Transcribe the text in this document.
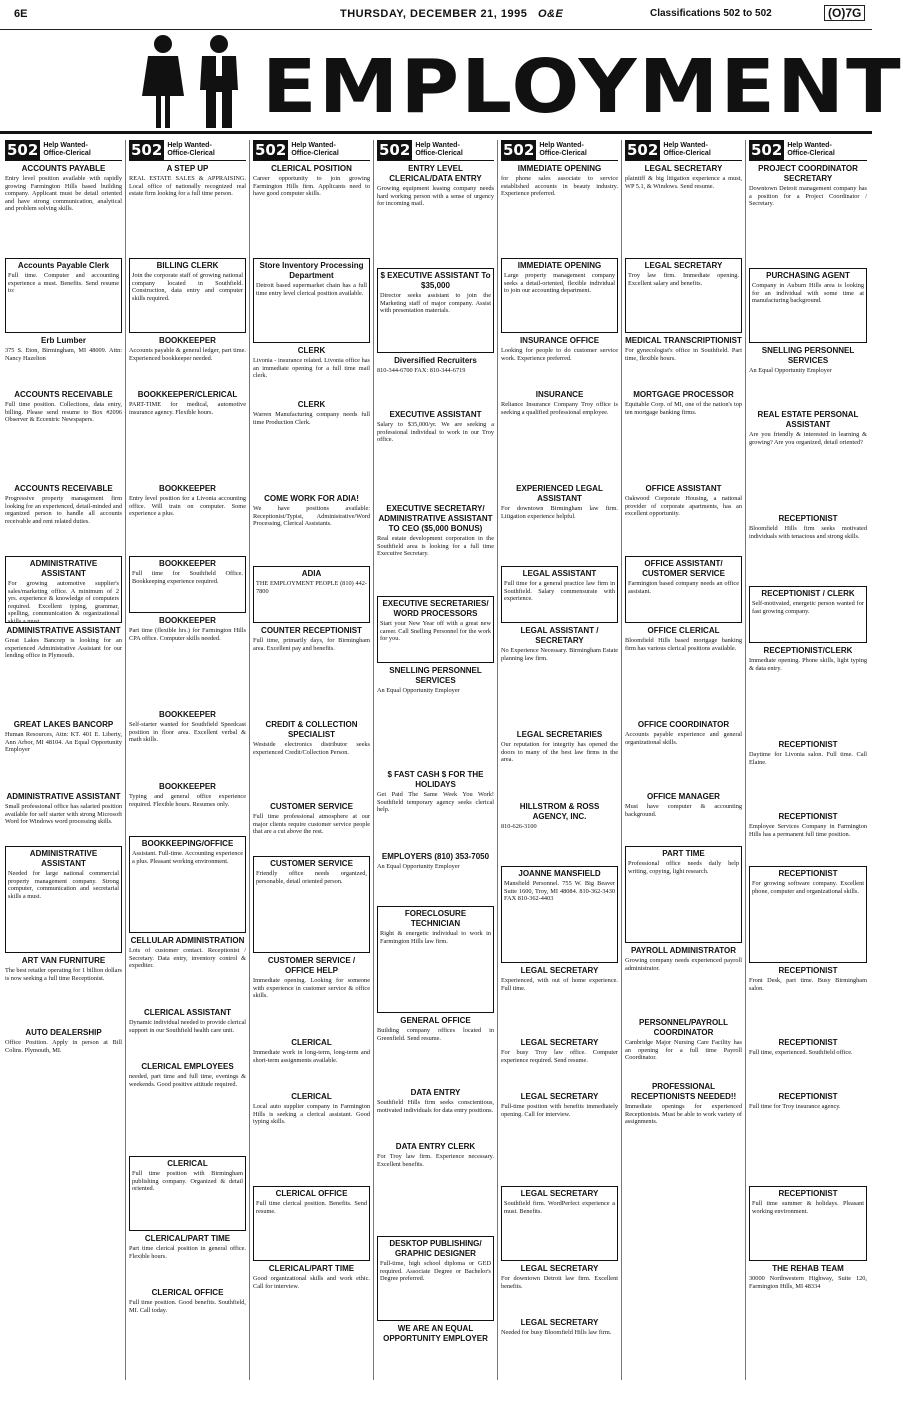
6E	THURSDAY, DECEMBER 21, 1995 O&E	Classifications 502 to 502	(O)7G
EMPLOYMENT
502 Help Wanted-
Office-Clerical
ACCOUNTS PAYABLE
Entry level position available with rapidly growing Farmington Hills based building company. Applicant must be detail oriented and have strong communication, analytical and problem solving skills.
Accounts Payable Clerk
Full time. Computer and accounting experience a must. Benefits. Send resume to:
Erb Lumber
375 S. Eton, Birmingham, MI 48009. Attn: Nancy Hazelton
ACCOUNTS RECEIVABLE
Full time position. Collections, data entry, billing. Please send resume to Box #2096 Observer & Eccentric Newspapers.
ACCOUNTS RECEIVABLE
Progressive property management firm looking for an experienced, detail-minded and organized person to handle all accounts receivable and rent related duties.
ADMINISTRATIVE ASSISTANT
For growing automotive supplier's sales/marketing office. A minimum of 2 yrs. experience & knowledge of computers required. Excellent typing, grammar, spelling, communication & organizational skills a must.
ADMINISTRATIVE ASSISTANT
Great Lakes Bancorp is looking for an experienced Administrative Assistant for our lending office in Plymouth.
GREAT LAKES BANCORP
Human Resources, Attn: KT. 401 E. Liberty, Ann Arbor, MI 48104. An Equal Opportunity Employer
ADMINISTRATIVE ASSISTANT
Small professional office has salaried position available for self starter with strong Microsoft Word for Windows word processing skills.
ADMINISTRATIVE ASSISTANT
Needed for large national commercial property management company. Strong computer, communication and secretarial skills a must.
ART VAN FURNITURE
The best retailer operating for 1 billion dollars is now seeking a full time Receptionist.
AUTO DEALERSHIP
Office Position. Apply in person at Bill Colins. Plymouth, MI.
502 Help Wanted-
Office-Clerical
A STEP UP
REAL ESTATE SALES & APPRAISING. Local office of nationally recognized real estate firm looking for a full time person.
BILLING CLERK
Join the corporate staff of growing national company located in Southfield. Construction, data entry and computer skills required.
BOOKKEEPER
Accounts payable & general ledger, part time. Experienced bookkeeper needed.
BOOKKEEPER/CLERICAL
PART-TIME for medical, automotive insurance agency. Flexible hours.
BOOKKEEPER
Entry level position for a Livonia accounting office. Will train on computer. Some experience a plus.
BOOKKEEPER
Full time for Southfield Office. Bookkeeping experience required.
BOOKKEEPER
Part time (flexible hrs.) for Farmington Hills CPA office. Computer skills needed.
BOOKKEEPER
Self-starter wanted for Southfield Speedcast position in floor area. Excellent verbal & math skills.
BOOKKEEPER
Typing and general office experience required. Flexible hours. Resumes only.
BOOKKEEPING/OFFICE
Assistant. Full-time. Accounting experience a plus. Pleasant working environment.
CELLULAR ADMINISTRATION
Lots of customer contact. Receptionist / Secretary. Data entry, inventory control & expediter.
CLERICAL ASSISTANT
Dynamic individual needed to provide clerical support in our Southfield health care unit.
CLERICAL EMPLOYEES
needed, part time and full time, evenings & weekends. Good positive attitude required.
CLERICAL
Full time position with Birmingham publishing company. Organized & detail oriented.
CLERICAL/PART TIME
Part time clerical position in general office. Flexible hours.
CLERICAL OFFICE
Full time position. Good benefits. Southfield, MI. Call today.
502 Help Wanted-
Office-Clerical
CLERICAL POSITION
Career opportunity to join growing Farmington Hills firm. Applicants need to have good computer skills.
Store Inventory Processing Department
Detroit based supermarket chain has a full time entry level clerical position available.
CLERK
Livonia - insurance related. Livonia office has an immediate opening for a full time mail clerk.
CLERK
Warren Manufacturing company needs full time Production Clerk.
COME WORK FOR ADIA!
We have positions available: Receptionist/Typist, Administrative/Word Processing, Clerical Assistants.
ADIA
THE EMPLOYMENT PEOPLE (810) 442-7800
COUNTER RECEPTIONIST
Full time, primarily days, for Birmingham area. Excellent pay and benefits.
CREDIT & COLLECTION SPECIALIST
Westside electronics distributor seeks experienced Credit/Collection Person.
CUSTOMER SERVICE
Full time professional atmosphere at our major clients require customer service people that are a cut above the rest.
CUSTOMER SERVICE
Friendly office needs organized, personable, detail oriented person.
CUSTOMER SERVICE / OFFICE HELP
Immediate opening. Looking for someone with experience in customer service & office skills.
CLERICAL
Immediate work in long-term, long-term and short-term assignments available.
CLERICAL
Local auto supplier company in Farmington Hills is seeking a clerical assistant. Good typing skills.
CLERICAL OFFICE
Full time clerical position. Benefits. Send resume.
CLERICAL/PART TIME
Good organizational skills and work ethic. Call for interview.
502 Help Wanted-
Office-Clerical
ENTRY LEVEL CLERICAL/DATA ENTRY
Growing equipment leasing company needs hard working person with a sense of urgency for incoming mail.
$ EXECUTIVE ASSISTANT To $35,000
Director seeks assistant to join the Marketing staff of major company. Assist with presentation materials.
Diversified Recruiters
810-344-6700 FAX: 810-344-6719
EXECUTIVE ASSISTANT
Salary to $35,000/yr. We are seeking a professional individual to work in our Troy office.
EXECUTIVE SECRETARY/ ADMINISTRATIVE ASSISTANT TO CEO ($5,000 BONUS)
Real estate development corporation in the Southfield area is looking for a full time Executive Secretary.
EXECUTIVE SECRETARIES/ WORD PROCESSORS
Start your New Year off with a great new career. Call Snelling Personnel for the work for you.
SNELLING PERSONNEL SERVICES
An Equal Opportunity Employer
$ FAST CASH $ FOR THE HOLIDAYS
Get Paid The Same Week You Work! Southfield temporary agency seeks clerical help.
EMPLOYERS (810) 353-7050
An Equal Opportunity Employer
FORECLOSURE TECHNICIAN
Right & energetic individual to work in Farmington Hills law firm.
GENERAL OFFICE
Building company offices located in Greenfield. Send resume.
DATA ENTRY
Southfield Hills firm seeks conscientious, motivated individuals for data entry positions.
DATA ENTRY CLERK
For Troy law firm. Experience necessary. Excellent benefits.
DESKTOP PUBLISHING/ GRAPHIC DESIGNER
Full-time, high school diploma or GED required. Associate Degree or Bachelor's Degree preferred.
WE ARE AN EQUAL OPPORTUNITY EMPLOYER
502 Help Wanted-
Office-Clerical
IMMEDIATE OPENING
for phone sales associate to service established accounts in beauty industry. Experience preferred.
IMMEDIATE OPENING
Large property management company seeks a detail-oriented, flexible individual to join our accounting department.
INSURANCE OFFICE
Looking for people to do customer service work. Experience preferred.
INSURANCE
Reliance Insurance Company Troy office is seeking a qualified professional employee.
EXPERIENCED LEGAL ASSISTANT
For downtown Birmingham law firm. Litigation experience helpful.
LEGAL ASSISTANT
Full time for a general practice law firm in Southfield. Salary commensurate with experience.
LEGAL ASSISTANT / SECRETARY
No Experience Necessary. Birmingham Estate planning law firm.
LEGAL SECRETARIES
Our reputation for integrity has opened the doors to many of the best law firms in the area.
HILLSTROM & ROSS AGENCY, INC.
810-626-3100
JOANNE MANSFIELD
Mansfield Personnel. 755 W. Big Beaver Suite 1600, Troy, MI 48084. 810-362-3430 FAX 810-362-4403
LEGAL SECRETARY
Experienced, with out of home experience. Full time.
LEGAL SECRETARY
For busy Troy law office. Computer experience required. Send resume.
LEGAL SECRETARY
Full-time position with benefits immediately opening. Call for interview.
LEGAL SECRETARY
Southfield firm. WordPerfect experience a must. Benefits.
LEGAL SECRETARY
For downtown Detroit law firm. Excellent benefits.
LEGAL SECRETARY
Needed for busy Bloomfield Hills law firm.
502 Help Wanted-
Office-Clerical
LEGAL SECRETARY
plaintiff & big litigation experience a must, WP 5.1, & Windows. Send resume.
LEGAL SECRETARY
Troy law firm. Immediate opening. Excellent salary and benefits.
MEDICAL TRANSCRIPTIONIST
For gynecologist's office in Southfield. Part time, flexible hours.
MORTGAGE PROCESSOR
Equitable Corp. of MI, one of the nation's top ten mortgage banking firms.
OFFICE ASSISTANT
Oakwood Corporate Housing, a national provider of corporate apartments, has an excellent opportunity.
OFFICE ASSISTANT/ CUSTOMER SERVICE
Farmington based company needs an office assistant.
OFFICE CLERICAL
Bloomfield Hills based mortgage banking firm has various clerical positions available.
OFFICE COORDINATOR
Accounts payable experience and general organizational skills.
OFFICE MANAGER
Must have computer & accounting background.
PART TIME
Professional office needs daily help writing, copying, light research.
PAYROLL ADMINISTRATOR
Growing company needs experienced payroll administrator.
PERSONNEL/PAYROLL COORDINATOR
Cambridge Major Nursing Care Facility has an opening for a full time Payroll Coordinator.
PROFESSIONAL RECEPTIONISTS NEEDED!!
Immediate openings for experienced Receptionists. Must be able to work variety of assignments.
502 Help Wanted-
Office-Clerical
PROJECT COORDINATOR SECRETARY
Downtown Detroit management company has a position for a Project Coordinator / Secretary.
PURCHASING AGENT
Company in Auburn Hills area is looking for an individual with some time at manufacturing background.
SNELLING PERSONNEL SERVICES
An Equal Opportunity Employer
REAL ESTATE PERSONAL ASSISTANT
Are you friendly & interested in learning & growing? Are you organized, detail oriented?
RECEPTIONIST
Bloomfield Hills firm seeks motivated individuals with tenacious and strong skills.
RECEPTIONIST / CLERK
Self-motivated, energetic person wanted for fast growing company.
RECEPTIONIST/CLERK
Immediate opening. Phone skills, light typing & data entry.
RECEPTIONIST
Daytime for Livonia salon. Full time. Call Elaine.
RECEPTIONIST
Employee Services Company in Farmington Hills has a permanent full time position.
RECEPTIONIST
For growing software company. Excellent phone, computer and organizational skills.
RECEPTIONIST
Front Desk, part time. Busy Birmingham salon.
RECEPTIONIST
Full time, experienced. Southfield office.
RECEPTIONIST
Full time for Troy insurance agency.
RECEPTIONIST
Full time summer & holidays. Pleasant working environment.
THE REHAB TEAM
30000 Northwestern Highway, Suite 120, Farmington Hills, MI 48334
